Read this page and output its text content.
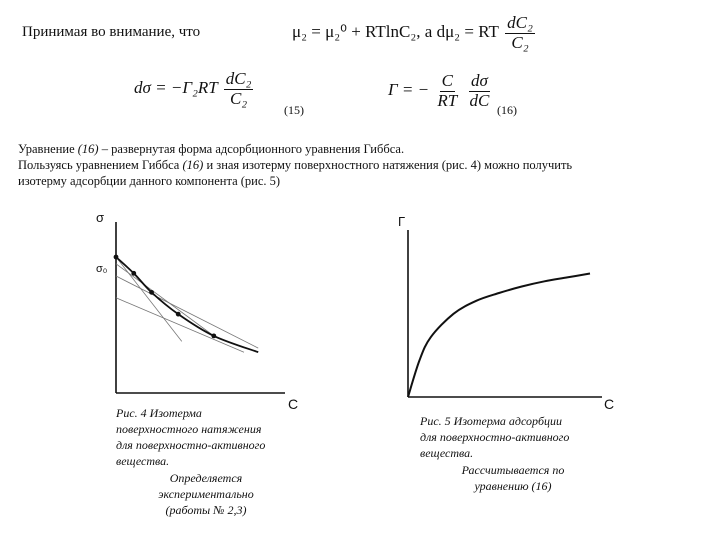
Принимая во внимание, что	μ₂ = μ₂⁰ + RTlnC₂, а dμ₂ = RT $\frac{\text{dC₂}}{\text{C₂}}$
$d\sigma = -\Gamma_2RT \frac{\text{dC₂}}{\text{C₂}}$
(15)
Γ = − $\frac{C}{RT}$
$\frac{d\sigma}{dC} (16)$

Уравнение (16) – развернутая форма адсорбционного уравнения Гиббса.

Пользуясь уравнением Гиббса (16) и зная изотерму поверхностного натяжения (рис. 4) можно получить

изотерму адсорбции данного компонента (рис. 5)

σ
σ₀
C
Рис. 4 Изотерма
поверхностного натяжения
для поверхностно-активного
вещества.
Определяется
экспериментально
(работы № 2,3)
Г
C
Рис. 5 Изотерма адсорбции
для поверхностно-активного
вещества.
Рассчитывается по
уравнению (16)
